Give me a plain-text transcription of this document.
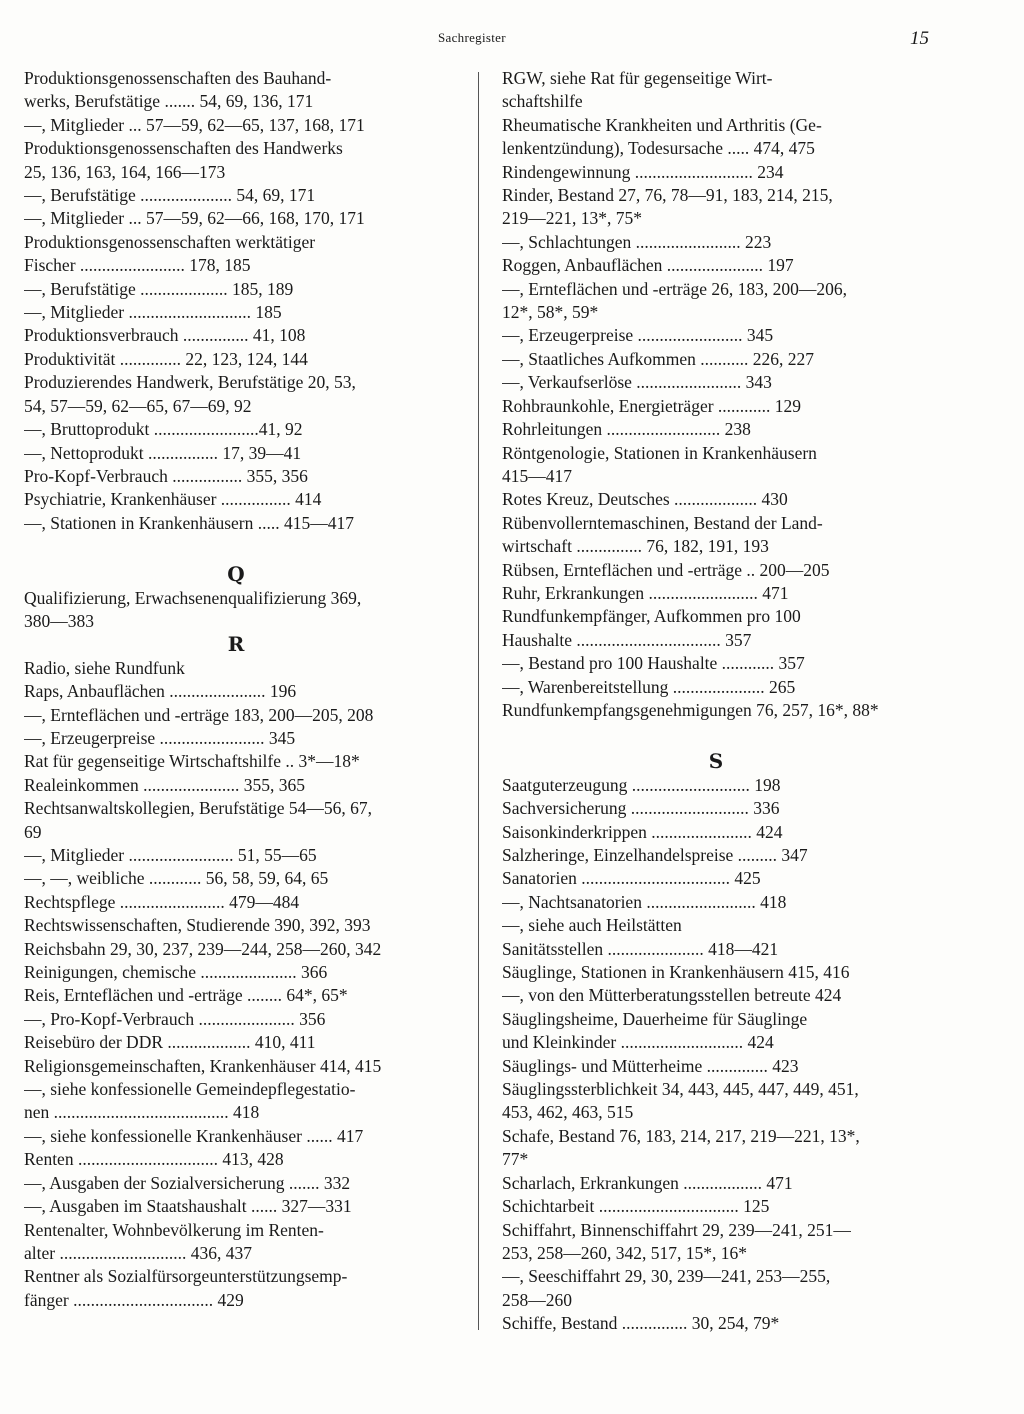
Sachregister	15
Produktionsgenossenschaften des Bauhand-
werks, Berufstätige ....... 54, 69, 136, 171
—, Mitglieder ... 57—59, 62—65, 137, 168, 171
Produktionsgenossenschaften des Handwerks
25, 136, 163, 164, 166—173
—, Berufstätige ..................... 54, 69, 171
—, Mitglieder ... 57—59, 62—66, 168, 170, 171
Produktionsgenossenschaften werktätiger
Fischer ........................ 178, 185
—, Berufstätige .................... 185, 189
—, Mitglieder ............................ 185
Produktionsverbrauch ............... 41, 108
Produktivität .............. 22, 123, 124, 144
Produzierendes Handwerk, Berufstätige 20, 53,
54, 57—59, 62—65, 67—69, 92
—, Bruttoprodukt ........................41, 92
—, Nettoprodukt ................ 17, 39—41
Pro-Kopf-Verbrauch ................ 355, 356
Psychiatrie, Krankenhäuser ................ 414
—, Stationen in Krankenhäusern ..... 415—417
Q
Qualifizierung, Erwachsenenqualifizierung 369,
380—383
R
Radio, siehe Rundfunk
Raps, Anbauflächen ...................... 196
—, Ernteflächen und -erträge 183, 200—205, 208
—, Erzeugerpreise ........................ 345
Rat für gegenseitige Wirtschaftshilfe .. 3*—18*
Realeinkommen ...................... 355, 365
Rechtsanwaltskollegien, Berufstätige 54—56, 67,
69
—, Mitglieder ........................ 51, 55—65
—, —, weibliche ............ 56, 58, 59, 64, 65
Rechtspflege ........................ 479—484
Rechtswissenschaften, Studierende 390, 392, 393
Reichsbahn 29, 30, 237, 239—244, 258—260, 342
Reinigungen, chemische ...................... 366
Reis, Ernteflächen und -erträge ........ 64*, 65*
—, Pro-Kopf-Verbrauch ...................... 356
Reisebüro der DDR ................... 410, 411
Religionsgemeinschaften, Krankenhäuser 414, 415
—, siehe konfessionelle Gemeindepflegestatio-
nen ........................................ 418
—, siehe konfessionelle Krankenhäuser ...... 417
Renten ................................ 413, 428
—, Ausgaben der Sozialversicherung ....... 332
—, Ausgaben im Staatshaushalt ...... 327—331
Rentenalter, Wohnbevölkerung im Renten-
alter ............................. 436, 437
Rentner als Sozialfürsorgeunterstützungsemp-
fänger ................................ 429
RGW, siehe Rat für gegenseitige Wirt-
schaftshilfe
Rheumatische Krankheiten und Arthritis (Ge-
lenkentzündung), Todesursache ..... 474, 475
Rindengewinnung ........................... 234
Rinder, Bestand 27, 76, 78—91, 183, 214, 215,
219—221, 13*, 75*
—, Schlachtungen ........................ 223
Roggen, Anbauflächen ...................... 197
—, Ernteflächen und -erträge 26, 183, 200—206,
12*, 58*, 59*
—, Erzeugerpreise ........................ 345
—, Staatliches Aufkommen ........... 226, 227
—, Verkaufserlöse ........................ 343
Rohbraunkohle, Energieträger ............ 129
Rohrleitungen .......................... 238
Röntgenologie, Stationen in Krankenhäusern
415—417
Rotes Kreuz, Deutsches ................... 430
Rübenvollerntemaschinen, Bestand der Land-
wirtschaft ............... 76, 182, 191, 193
Rübsen, Ernteflächen und -erträge .. 200—205
Ruhr, Erkrankungen ......................... 471
Rundfunkempfänger, Aufkommen pro 100
Haushalte ................................. 357
—, Bestand pro 100 Haushalte ............ 357
—, Warenbereitstellung ..................... 265
Rundfunkempfangsgenehmigungen 76, 257, 16*, 88*
S
Saatguterzeugung ........................... 198
Sachversicherung ........................... 336
Saisonkinderkrippen ....................... 424
Salzheringe, Einzelhandelspreise ......... 347
Sanatorien .................................. 425
—, Nachtsanatorien ......................... 418
—, siehe auch Heilstätten
Sanitätsstellen ...................... 418—421
Säuglinge, Stationen in Krankenhäusern 415, 416
—, von den Mütterberatungsstellen betreute 424
Säuglingsheime, Dauerheime für Säuglinge
und Kleinkinder ............................ 424
Säuglings- und Mütterheime .............. 423
Säuglingssterblichkeit 34, 443, 445, 447, 449, 451,
453, 462, 463, 515
Schafe, Bestand 76, 183, 214, 217, 219—221, 13*,
77*
Scharlach, Erkrankungen .................. 471
Schichtarbeit ................................ 125
Schiffahrt, Binnenschiffahrt 29, 239—241, 251—
253, 258—260, 342, 517, 15*, 16*
—, Seeschiffahrt 29, 30, 239—241, 253—255,
258—260
Schiffe, Bestand ............... 30, 254, 79*
